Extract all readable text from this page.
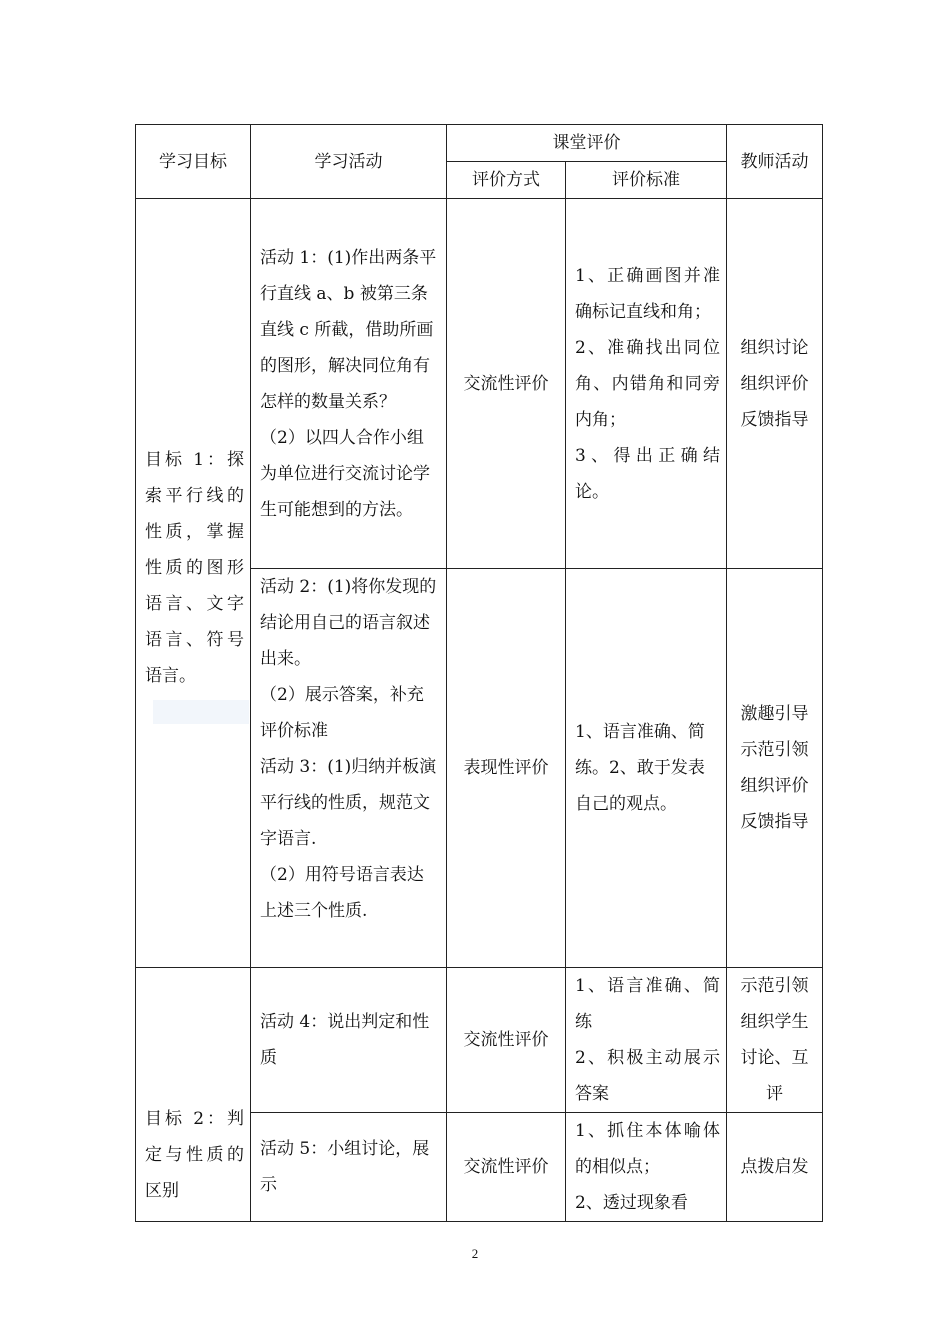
学习目标	学习活动	课堂评价		教师活动
		评价方式	评价标准	

目标 1：探索平行线的性质，掌握性质的图形语言、文字语言、符号语言。	活动 1：(1)作出两条平行直线 a、b 被第三条直线 c 所截，借助所画的图形，解决同位角有怎样的数量关系？
（2）以四人合作小组为单位进行交流讨论学生可能想到的方法。	交流性评价	1、正确画图并准确标记直线和角；
2、准确找出同位角、内错角和同旁内角；
3、得出正确结论。	组织讨论
组织评价
反馈指导

	活动 2：(1)将你发现的结论用自己的语言叙述出来。
（2）展示答案，补充评价标准
活动 3：(1)归纳并板演平行线的性质，规范文字语言.
（2）用符号语言表达上述三个性质.	表现性评价	1、语言准确、简练。2、敢于发表自己的观点。	激趣引导
示范引领
组织评价
反馈指导

目标 2：判定与性质的区别	活动 4：说出判定和性质	交流性评价	1、语言准确、简练
2、积极主动展示答案	示范引领
组织学生
讨论、互
评

	活动 5：小组讨论，展示	交流性评价	1、抓住本体喻体的相似点；
2、透过现象看	点拨启发
2
